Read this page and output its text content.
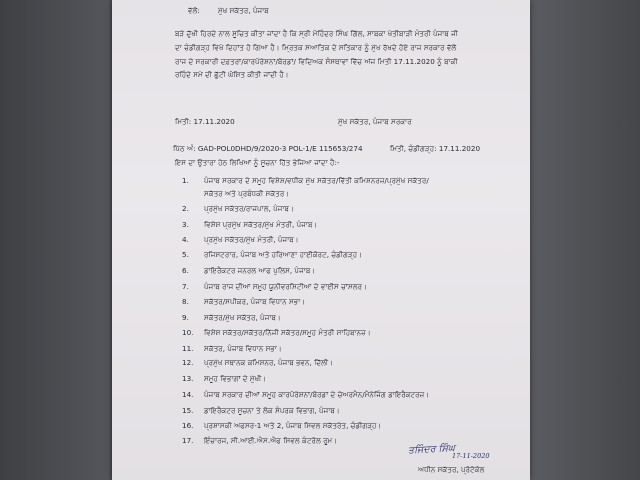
ਵੱਲੋਂ:	ਮੁੱਖ ਸਕੱਤਰ, ਪੰਜਾਬ
ਬੜੇ ਦੁੱਖੀ ਹਿਰਦੇ ਨਾਲ ਸੂਚਿਤ ਕੀਤਾ ਜਾਂਦਾ ਹੈ ਕਿ ਸ੍ਰੀ ਮੋਹਿੰਦਰ ਸਿੰਘ ਗਿੱਲ, ਸਾਬਕਾ ਖੇਤੀਬਾੜੀ ਮੰਤਰੀ ਪੰਜਾਬ ਜੀ ਦਾ ਚੰਡੀਗੜ੍ਹ ਵਿਖੇ ਦਿਹਾਂਤ ਹੋ ਗਿਆ ਹੈ। ਮ੍ਰਿਤਕ ਸਆਤਿਕ ਦੇ ਸਤਿਕਾਰ ਨੂੰ ਮੁੱਖ ਰੱਖਦੇ ਹੋਏ ਰਾਜ ਸਰਕਾਰ ਵੱਲੋਂ ਰਾਜ ਦੇ ਸਰਕਾਰੀ ਦਫ਼ਤਰਾਂ/ਕਾਰਪੋਰੇਸ਼ਨਾਂ/ਬੋਰਡਾਂ/ ਵਿਦਿਅਕ ਸੰਸਥਾਵਾਂ ਵਿੱਚ ਅੱਜ ਮਿਤੀ 17.11.2020 ਨੂੰ ਬਾਕੀ ਰਹਿੰਦੇ ਸਮੇਂ ਦੀ ਛੁੱਟੀ ਘੋਸ਼ਿਤ ਕੀਤੀ ਜਾਂਦੀ ਹੈ।
ਮਿਤੀ: 17.11.2020	ਮੁੱਖ ਸਕੱਤਰ, ਪੰਜਾਬ ਸਰਕਾਰ
ਪਿੱਠ ਅੰ: GAD-POL0DHD/9/2020-3 POL-1/E 115653/274	ਮਿਤੀ, ਚੰਡੀਗੜ੍ਹ: 17.11.2020
ਇਸ ਦਾ ਉਤਾਰਾ ਹੇਠ ਲਿਖਿਆਂ ਨੂੰ ਸੂਚਨਾ ਹਿੱਤ ਭੇਜਿਆ ਜਾਂਦਾ ਹੈ:-
1.	ਪੰਜਾਬ ਸਰਕਾਰ ਦੇ ਸਮੂਹ ਵਿਸ਼ੇਸ਼/ਵਧੀਕ ਮੁੱਖ ਸਕੱਤਰ/ਵਿੱਤੀ ਕਮਿਸ਼ਨਰਜ਼/ਪ੍ਰਮੁੱਖ ਸਕੱਤਰ/
ਸਕੱਤਰ ਅਤੇ ਪ੍ਰਬੰਧਕੀ ਸਕੱਤਰ।
2.	ਪ੍ਰਮੁੱਖ ਸਕੱਤਰ/ਰਾਜਪਾਲ, ਪੰਜਾਬ।
3.	ਵਿਸ਼ੇਸ਼ ਪ੍ਰਮੁੱਖ ਸਕੱਤਰ/ਮੁੱਖ ਮੰਤਰੀ, ਪੰਜਾਬ।
4.	ਪ੍ਰਮੁੱਖ ਸਕੱਤਰ/ਮੁੱਖ ਮੰਤਰੀ, ਪੰਜਾਬ।
5.	ਰਜਿਸਟਰਾਰ, ਪੰਜਾਬ ਅਤੇ ਹਰਿਆਣਾ ਹਾਈਕੋਰਟ, ਚੰਡੀਗੜ੍ਹ।
6.	ਡਾਇਰੈਕਟਰ ਜਨਰਲ ਆਫ ਪੁਲਿਸ, ਪੰਜਾਬ।
7.	ਪੰਜਾਬ ਰਾਜ ਦੀਆਂ ਸਮੂਹ ਯੂਨੀਵਰਸਿਟੀਆਂ ਦੇ ਵਾਈਸ ਚਾਂਸਲਰ।
8.	ਸਕੱਤਰ/ਸਪੀਕਰ, ਪੰਜਾਬ ਵਿਧਾਨ ਸਭਾ।
9.	ਸਕੱਤਰ/ਮੁੱਖ ਸਕੱਤਰ, ਪੰਜਾਬ।
10.	ਵਿਸ਼ੇਸ਼ ਸਕੱਤਰ/ਸਕੱਤਰ/ਨਿੱਜੀ ਸਕੱਤਰ/ਸਮੂਹ ਮੰਤਰੀ ਸਾਹਿਬਾਨਜ਼।
11.	ਸਕੱਤਰ, ਪੰਜਾਬ ਵਿਧਾਨ ਸਭਾ।
12.	ਪ੍ਰਮੁੱਖ ਸਥਾਨਕ ਕਮਿਸ਼ਨਰ, ਪੰਜਾਬ ਭਵਨ, ਦਿੱਲੀ।
13.	ਸਮੂਹ ਵਿਭਾਗਾਂ ਦੇ ਮੁੱਖੀ।
14.	ਪੰਜਾਬ ਸਰਕਾਰ ਦੀਆਂ ਸਮੂਹ ਕਾਰਪੋਰੇਸ਼ਨਾਂ/ਬੋਰਡਾਂ ਦੇ ਚੇਅਰਮੈਨ/ਮੈਨੇਜਿੰਗ ਡਾਇਰੈਕਟਰਜ਼।
15.	ਡਾਇਰੈਕਟਰ ਸੂਚਨਾ ਤੇ ਲੋਕ ਸੰਪਰਕ ਵਿਭਾਗ, ਪੰਜਾਬ।
16.	ਪ੍ਰਸ਼ਾਸਕੀ ਅਫਸਰ-1 ਅਤੇ 2, ਪੰਜਾਬ ਸਿਵਲ ਸਕੱਤਰੇਤ, ਚੰਡੀਗੜ੍ਹ।
17.	ਇੰਚਾਰਜ, ਸੀ.ਆਈ.ਐਸ.ਐਫ ਸਿਵਲ ਕੰਟਰੋਲ ਰੂਮ।
ਤਜਿੰਦਰ ਸਿੰਘ
17-11-2020
ਅਧੀਨ ਸਕੱਤਰ, ਪ੍ਰੋਟੋਕੋਲ
